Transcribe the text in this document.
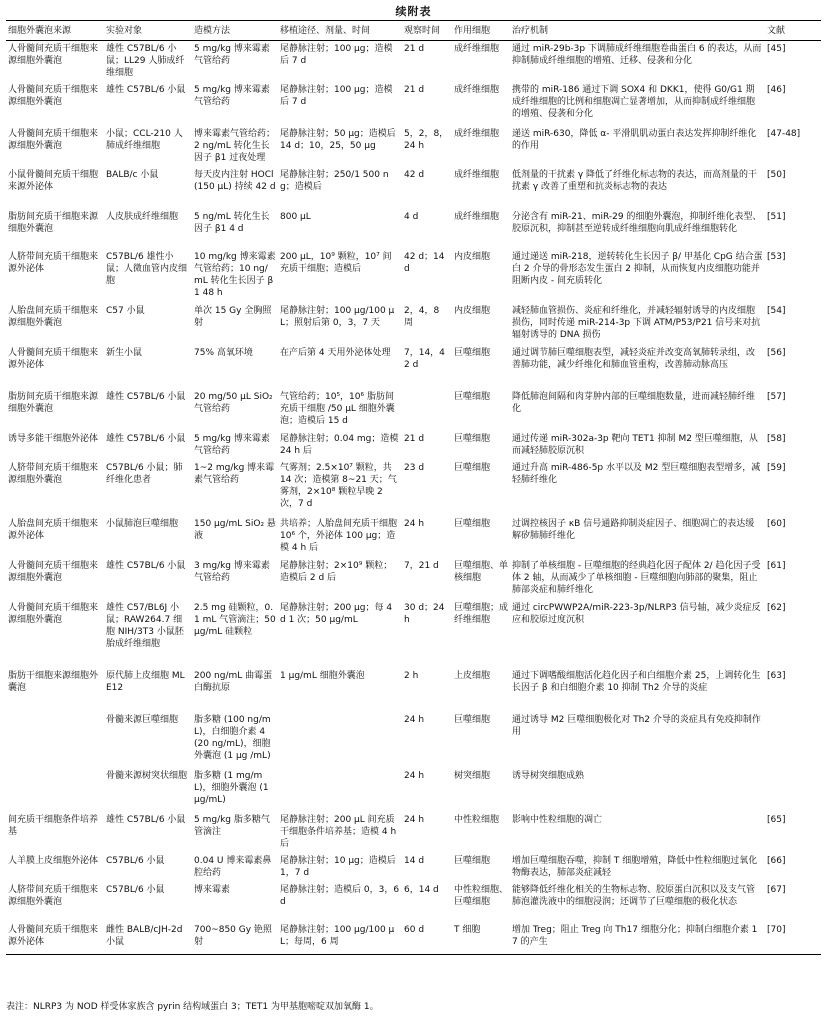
续附表
细胞外囊泡来源	实验对象	造模方法	移植途径、剂量、时间	观察时间	作用细胞	治疗机制	文献
人骨髓间充质干细胞来源细胞外囊泡	雄性 C57BL/6 小鼠；LL29 人肺成纤维细胞	5 mg/kg 博来霉素气管给药	尾静脉注射；100 μg；造模后 7 d	21 d	成纤维细胞	通过 miR-29b-3p 下调肺成纤维细胞卷曲蛋白 6 的表达，从而抑制肺成纤维细胞的增殖、迁移、侵袭和分化	[45]
人骨髓间充质干细胞来源细胞外囊泡	雄性 C57BL/6 小鼠	5 mg/kg 博来霉素气管给药	尾静脉注射；100 μg；造模后 7 d	21 d	成纤维细胞	携带的 miR-186 通过下调 SOX4 和 DKK1，使得 G0/G1 期成纤维细胞的比例和细胞凋亡显著增加，从而抑制成纤维细胞的增殖、侵袭和分化	[46]
人骨髓间充质干细胞来源细胞外囊泡	小鼠；CCL-210 人肺成纤维细胞	博来霉素气管给药；2 ng/mL 转化生长因子 β1 过夜处理	尾静脉注射；50 μg；造模后 14 d；10，25，50 μg	5，2，8，24 h	成纤维细胞	递送 miR-630，降低 α- 平滑肌肌动蛋白表达发挥抑制纤维化的作用	[47-48]
小鼠骨髓间充质干细胞来源外泌体	BALB/c 小鼠	每天皮内注射 HOCl(150 μL) 持续 42 d	尾静脉注射；250/1 500 ng；造模后	42 d	成纤维细胞	低剂量的干扰素 γ 降低了纤维化标志物的表达，而高剂量的干扰素 γ 改善了重塑和抗炎标志物的表达	[50]
脂肪间充质干细胞来源细胞外囊泡	人皮肤成纤维细胞	5 ng/mL 转化生长因子 β1 4 d	800 μL	4 d	成纤维细胞	分泌含有 miR-21、miR-29 的细胞外囊泡，抑制纤维化表型、胶原沉积，抑制甚至逆转成纤维细胞向肌成纤维细胞转化	[51]
人脐带间充质干细胞来源外泌体	C57BL/6 雄性小鼠；人微血管内皮细胞	10 mg/kg 博来霉素气管给药；10 ng/mL 转化生长因子 β1 48 h	200 μL，10⁹ 颗粒，10⁷ 间充质干细胞；造模后	42 d；14 d	内皮细胞	通过递送 miR-218，逆转转化生长因子 β/ 甲基化 CpG 结合蛋白 2 介导的骨形态发生蛋白 2 抑制，从而恢复内皮细胞功能并阻断内皮 - 间充质转化	[53]
人胎盘间充质干细胞来源细胞外囊泡	C57 小鼠	单次 15 Gy 全胸照射	尾静脉注射；100 μg/100 μL；照射后第 0，3，7 天	2，4，8 周	内皮细胞	减轻肺血管损伤、炎症和纤维化，并减轻辐射诱导的内皮细胞损伤，同时传递 miR-214-3p 下调 ATM/P53/P21 信号来对抗辐射诱导的 DNA 损伤	[54]
人骨髓间充质干细胞来源外泌体	新生小鼠	75% 高氧环境	在产后第 4 天用外泌体处理	7，14，42 d	巨噬细胞	通过调节肺巨噬细胞表型，减轻炎症并改变高氧肺转录组，改善肺功能，减少纤维化和肺血管重构，改善肺动脉高压	[56]
脂肪间充质干细胞来源细胞外囊泡	雄性 C57BL/6 小鼠	20 mg/50 μL SiO₂ 气管给药	气管给药；10⁵，10⁶ 脂肪间充质干细胞 /50 μL 细胞外囊泡；造模后 15 d		巨噬细胞	降低肺泡间隔和肉芽肿内部的巨噬细胞数量，进而减轻肺纤维化	[57]
诱导多能干细胞外泌体	雄性 C57BL/6 小鼠	5 mg/kg 博来霉素气管给药	尾静脉注射；0.04 mg；造模 24 h 后	21 d	巨噬细胞	通过传递 miR-302a-3p 靶向 TET1 抑制 M2 型巨噬细胞，从而减轻肺胶原沉积	[58]
人脐带间充质干细胞来源细胞外囊泡	C57BL/6 小鼠；肺纤维化患者	1~2 mg/kg 博来霉素气管给药	气雾剂；2.5×10⁷ 颗粒，共 14 次；造模第 8~21 天；气雾剂，2×10⁸ 颗粒早晚 2 次，7 d	23 d	巨噬细胞	通过升高 miR-486-5p 水平以及 M2 型巨噬细胞表型增多，减轻肺纤维化	[59]
人胎盘间充质干细胞来源外泌体	小鼠肺泡巨噬细胞	150 μg/mL SiO₂ 悬液	共培养；人胎盘间充质干细胞 10⁶ 个，外泌体 100 μg；造模 4 h 后	24 h	巨噬细胞	过调控核因子 κB 信号通路抑制炎症因子、细胞凋亡的表达缓解矽肺肺纤维化	[60]
人骨髓间充质干细胞来源细胞外囊泡	雄性 C57BL/6 小鼠	3 mg/kg 博来霉素气管给药	尾静脉注射；2×10⁹ 颗粒；造模后 2 d 后	7，21 d	巨噬细胞、单核细胞	抑制了单核细胞 - 巨噬细胞的经典趋化因子配体 2/ 趋化因子受体 2 轴，从而减少了单核细胞 - 巨噬细胞向肺部的聚集，阻止肺部炎症和肺纤维化	[61]
人骨髓间充质干细胞来源细胞外囊泡	雄性 C57/BL6J 小鼠；RAW264.7 细胞 NIH/3T3 小鼠胚胎成纤维细胞	2.5 mg 硅颗粒，0.1 mL 气管滴注；50 μg/mL 硅颗粒	尾静脉注射；200 μg；每 4 d 1 次；50 μg/mL	30 d；24 h	巨噬细胞；成纤维细胞	通过 circPWWP2A/miR-223-3p/NLRP3 信号轴，减少炎症反应和胶原过度沉积	[62]
脂肪干细胞来源细胞外囊泡	原代肺上皮细胞 MLE12	200 ng/mL 曲霉蛋白酶抗原	1 μg/mL 细胞外囊泡	2 h	上皮细胞	通过下调嗜酸细胞活化趋化因子和白细胞介素 25，上调转化生长因子 β 和白细胞介素 10 抑制 Th2 介导的炎症	[63]
	骨髓来源巨噬细胞	脂多糖 (100 ng/mL)，白细胞介素 4 (20 ng/mL)，细胞外囊泡 (1 μg /mL)		24 h	巨噬细胞	通过诱导 M2 巨噬细胞极化对 Th2 介导的炎症具有免疫抑制作用	
	骨髓来源树突状细胞	脂多糖 (1 mg/mL)，细胞外囊泡 (1 μg/mL)		24 h	树突细胞	诱导树突细胞成熟	
间充质干细胞条件培养基	雄性 C57BL/6 小鼠	5 mg/kg 脂多糖气管滴注	尾静脉注射；200 μL 间充质干细胞条件培养基；造模 4 h 后	24 h	中性粒细胞	影响中性粒细胞的凋亡	[65]
人羊膜上皮细胞外泌体	C57BL/6 小鼠	0.04 U 博来霉素鼻腔给药	尾静脉注射；10 μg；造模后 1，7 d	14 d	巨噬细胞	增加巨噬细胞吞噬，抑制 T 细胞增殖，降低中性粒细胞过氧化物酶表达，肺部炎症减轻	[66]
人脐带间充质干细胞来源细胞外囊泡	C57BL/6 小鼠	博来霉素	尾静脉注射；造模后 0，3，6 d	6，14 d	中性粒细胞、巨噬细胞	能够降低纤维化相关的生物标志物、胶原蛋白沉积以及支气管肺泡灌洗液中的细胞浸润；还调节了巨噬细胞的极化状态	[67]
人骨髓间充质干细胞来源外泌体	雌性 BALB/cJH-2d 小鼠	700~850 Gy 铯照射	尾静脉注射；100 μg/100 μL；每周，6 周	60 d	T 细胞	增加 Treg；阻止 Treg 向 Th17 细胞分化；抑制白细胞介素 17 的产生	[70]
表注：NLRP3 为 NOD 样受体家族含 pyrin 结构域蛋白 3；TET1 为甲基胞嘧啶双加氧酶 1。
